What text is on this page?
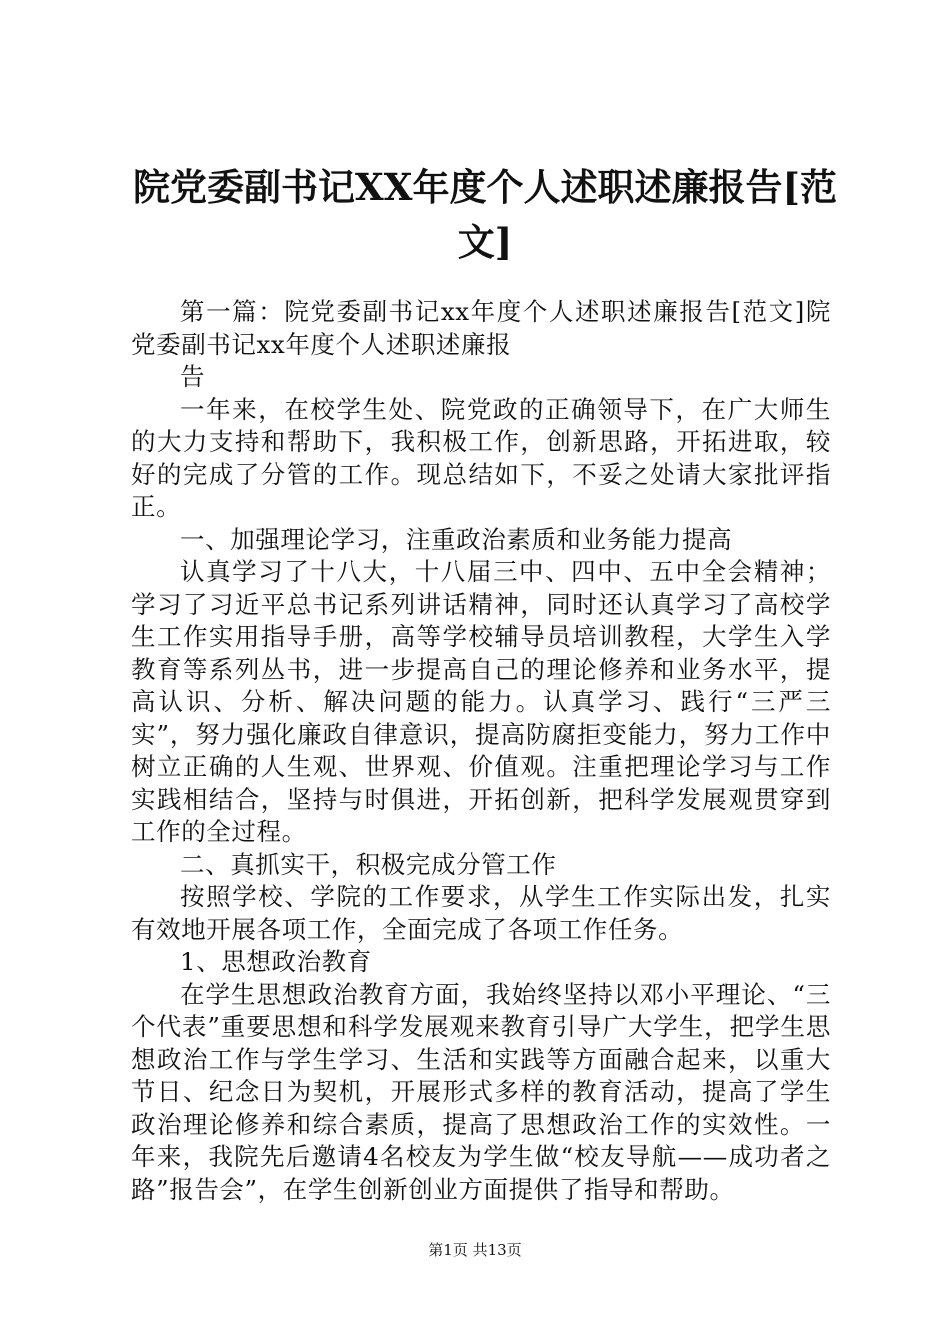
院党委副书记XX年度个人述职述廉报告[范文]

第一篇：院党委副书记xx年度个人述职述廉报告[范文]院党委副书记xx年度个人述职述廉报

告

一年来，在校学生处、院党政的正确领导下，在广大师生的大力支持和帮助下，我积极工作，创新思路，开拓进取，较好的完成了分管的工作。现总结如下，不妥之处请大家批评指正。

一、加强理论学习，注重政治素质和业务能力提高

认真学习了十八大，十八届三中、四中、五中全会精神；学习了习近平总书记系列讲话精神，同时还认真学习了高校学生工作实用指导手册，高等学校辅导员培训教程，大学生入学教育等系列丛书，进一步提高自己的理论修养和业务水平，提高认识、分析、解决问题的能力。认真学习、践行“三严三实”，努力强化廉政自律意识，提高防腐拒变能力，努力工作中树立正确的人生观、世界观、价值观。注重把理论学习与工作实践相结合，坚持与时俱进，开拓创新，把科学发展观贯穿到工作的全过程。

二、真抓实干，积极完成分管工作

按照学校、学院的工作要求，从学生工作实际出发，扎实有效地开展各项工作，全面完成了各项工作任务。

1、思想政治教育

在学生思想政治教育方面，我始终坚持以邓小平理论、“三个代表”重要思想和科学发展观来教育引导广大学生，把学生思想政治工作与学生学习、生活和实践等方面融合起来，以重大节日、纪念日为契机，开展形式多样的教育活动，提高了学生政治理论修养和综合素质，提高了思想政治工作的实效性。一年来，我院先后邀请4名校友为学生做“校友导航——成功者之路”报告会”，在学生创新创业方面提供了指导和帮助。

第1页 共13页
